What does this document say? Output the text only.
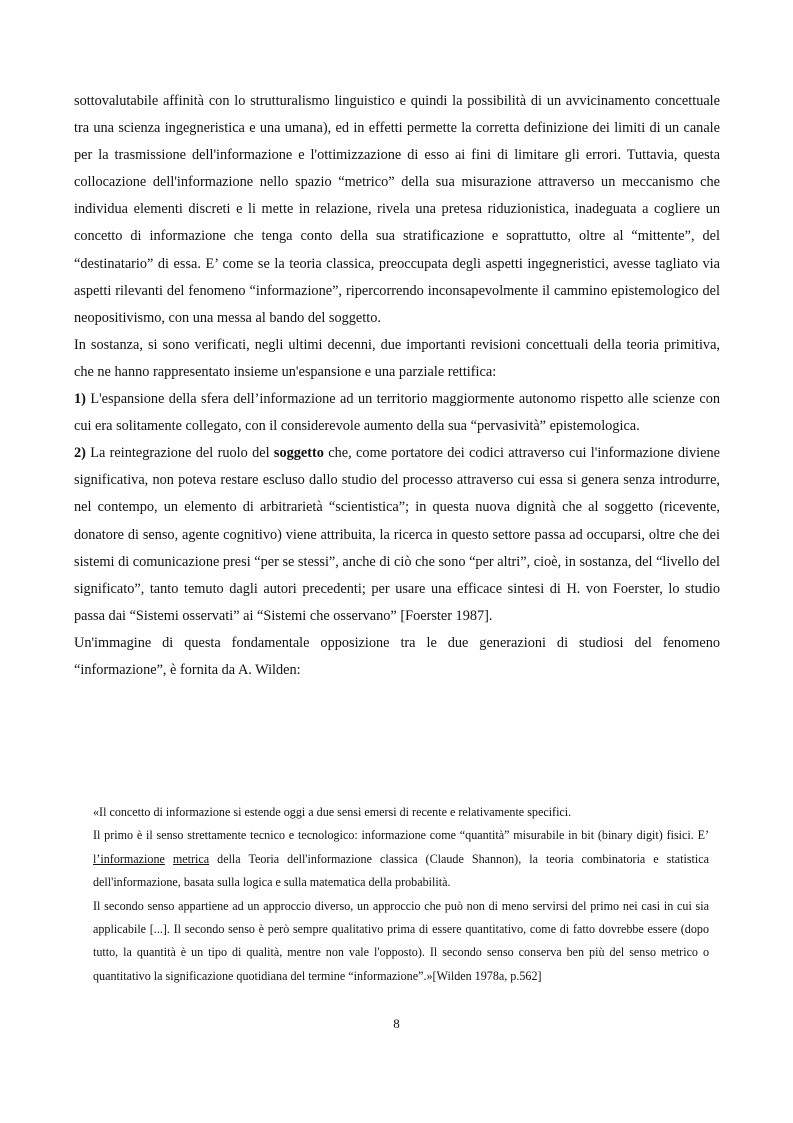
sottovalutabile affinità con lo strutturalismo linguistico e quindi la possibilità di un avvicinamento concettuale tra una scienza ingegneristica e una umana), ed in effetti permette la corretta definizione dei limiti di un canale per la trasmissione dell'informazione e l'ottimizzazione di esso ai fini di limitare gli errori. Tuttavia, questa collocazione dell'informazione nello spazio “metrico” della sua misurazione attraverso un meccanismo che individua elementi discreti e li mette in relazione, rivela una pretesa riduzionistica, inadeguata a cogliere un concetto di informazione che tenga conto della sua stratificazione e soprattutto, oltre al “mittente”, del “destinatario” di essa. E’ come se la teoria classica, preoccupata degli aspetti ingegneristici, avesse tagliato via aspetti rilevanti del fenomeno “informazione”, ripercorrendo inconsapevolmente il cammino epistemologico del neopositivismo, con una messa al bando del soggetto.

In sostanza, si sono verificati, negli ultimi decenni, due importanti revisioni concettuali della teoria primitiva, che ne hanno rappresentato insieme un'espansione e una parziale rettifica:

1) L'espansione della sfera dell’informazione ad un territorio maggiormente autonomo rispetto alle scienze con cui era solitamente collegato, con il considerevole aumento della sua “pervasività” epistemologica.

2) La reintegrazione del ruolo del soggetto che, come portatore dei codici attraverso cui l'informazione diviene significativa, non poteva restare escluso dallo studio del processo attraverso cui essa si genera senza introdurre, nel contempo, un elemento di arbitrarietà “scientistica”; in questa nuova dignità che al soggetto (ricevente, donatore di senso, agente cognitivo) viene attribuita, la ricerca in questo settore passa ad occuparsi, oltre che dei sistemi di comunicazione presi “per se stessi”, anche di ciò che sono “per altri”, cioè, in sostanza, del “livello del significato”, tanto temuto dagli autori precedenti; per usare una efficace sintesi di H. von Foerster, lo studio passa dai “Sistemi osservati” ai “Sistemi che osservano” [Foerster 1987].

Un'immagine di questa fondamentale opposizione tra le due generazioni di studiosi del fenomeno “informazione”, è fornita da A. Wilden:

«Il concetto di informazione si estende oggi a due sensi emersi di recente e relativamente specifici.

Il primo è il senso strettamente tecnico e tecnologico: informazione come “quantità” misurabile in bit (binary digit) fisici. E’ l’informazione metrica della Teoria dell'informazione classica (Claude Shannon), la teoria combinatoria e statistica dell'informazione, basata sulla logica e sulla matematica della probabilità.

Il secondo senso appartiene ad un approccio diverso, un approccio che può non di meno servirsi del primo nei casi in cui sia applicabile [...]. Il secondo senso è però sempre qualitativo prima di essere quantitativo, come di fatto dovrebbe essere (dopo tutto, la quantità è un tipo di qualità, mentre non vale l'opposto). Il secondo senso conserva ben più del senso metrico o quantitativo la significazione quotidiana del termine “informazione”.»[Wilden 1978a, p.562]

8
